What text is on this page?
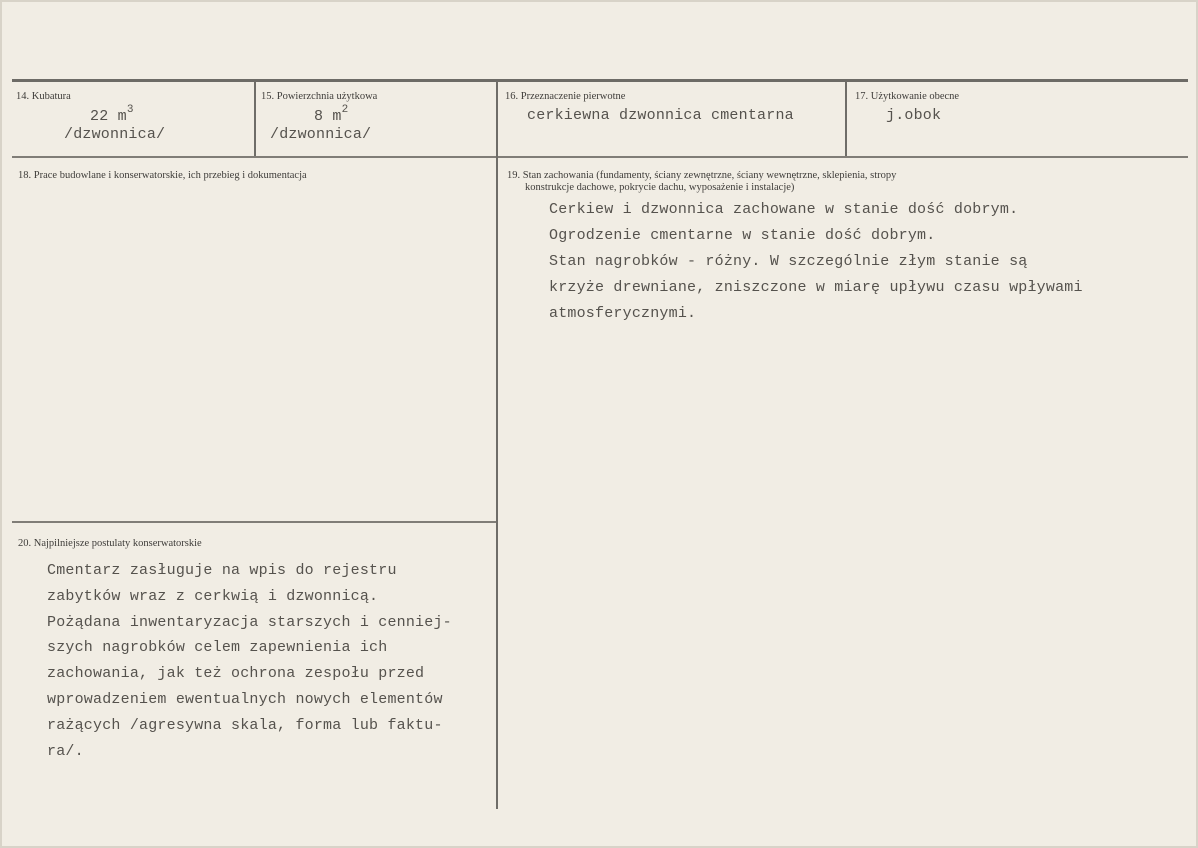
14. Kubatura
22 $m^3$
/dzwonnica/
15. Powierzchnia użytkowa
8 $m^2$
/dzwonnica/
16. Przeznaczenie pierwotne
cerkiewna dzwonnica cmentarna
17. Użytkowanie obecne
j.obok
18. Prace budowlane i konserwatorskie, ich przebieg i dokumentacja	19. Stan zachowania (fundamenty, ściany zewnętrzne, ściany wewnętrzne, sklepienia, stropy
konstrukcje dachowe, pokrycie dachu, wyposażenie i instalacje)
Cerkiew i dzwonnica zachowane w stanie dość dobrym.
Ogrodzenie cmentarne w stanie dość dobrym.
Stan nagrobków - różny. W szczególnie złym stanie są
krzyże drewniane, zniszczone w miarę upływu czasu wpływami
atmosferycznymi.
20. Najpilniejsze postulaty konserwatorskie
Cmentarz zasługuje na wpis do rejestru
zabytków wraz z cerkwią i dzwonnicą.
Pożądana inwentaryzacja starszych i cenniej-
szych nagrobków celem zapewnienia ich
zachowania, jak też ochrona zespołu przed
wprowadzeniem ewentualnych nowych elementów
rażących /agresywna skala, forma lub faktu-
ra/.
